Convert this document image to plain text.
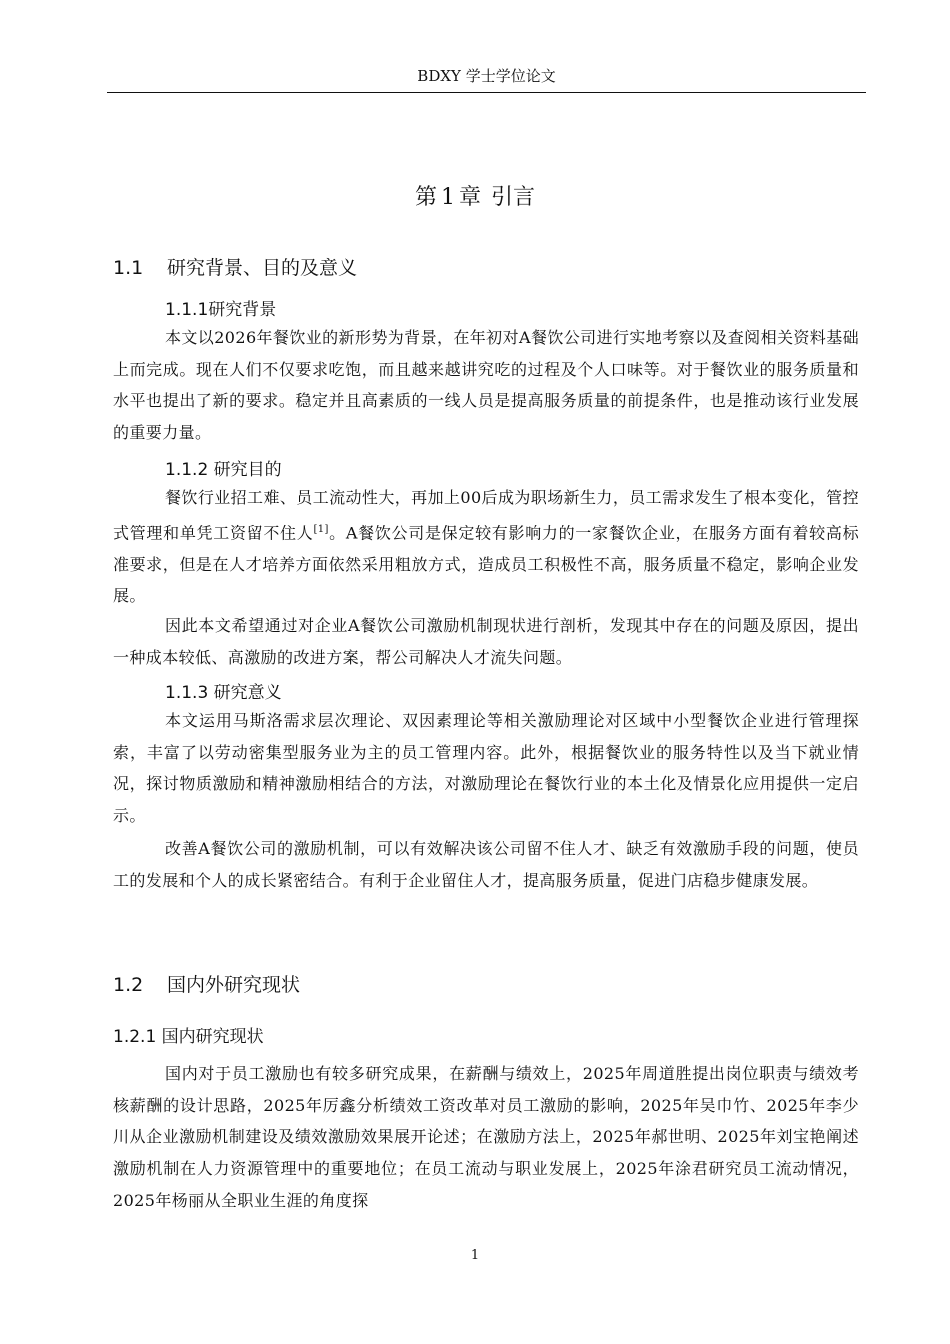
BDXY 学士学位论文
第 1 章 引言
1.1 研究背景、目的及意义
1.1.1研究背景

本文以2026年餐饮业的新形势为背景，在年初对A餐饮公司进行实地考察以及查阅相关资料基础上而完成。现在人们不仅要求吃饱，而且越来越讲究吃的过程及个人口味等。对于餐饮业的服务质量和水平也提出了新的要求。稳定并且高素质的一线人员是提高服务质量的前提条件，也是推动该行业发展的重要力量。

1.1.2 研究目的

餐饮行业招工难、员工流动性大，再加上00后成为职场新生力，员工需求发生了根本变化，管控式管理和单凭工资留不住人[1]。A餐饮公司是保定较有影响力的一家餐饮企业，在服务方面有着较高标准要求，但是在人才培养方面依然采用粗放方式，造成员工积极性不高，服务质量不稳定，影响企业发展。

因此本文希望通过对企业A餐饮公司激励机制现状进行剖析，发现其中存在的问题及原因，提出一种成本较低、高激励的改进方案，帮公司解决人才流失问题。

1.1.3 研究意义

本文运用马斯洛需求层次理论、双因素理论等相关激励理论对区域中小型餐饮企业进行管理探索，丰富了以劳动密集型服务业为主的员工管理内容。此外，根据餐饮业的服务特性以及当下就业情况，探讨物质激励和精神激励相结合的方法，对激励理论在餐饮行业的本土化及情景化应用提供一定启示。

改善A餐饮公司的激励机制，可以有效解决该公司留不住人才、缺乏有效激励手段的问题，使员工的发展和个人的成长紧密结合。有利于企业留住人才，提高服务质量，促进门店稳步健康发展。

1.2 国内外研究现状
1.2.1 国内研究现状

国内对于员工激励也有较多研究成果，在薪酬与绩效上，2025年周道胜提出岗位职责与绩效考核薪酬的设计思路，2025年厉鑫分析绩效工资改革对员工激励的影响，2025年吴巾竹、2025年李少川从企业激励机制建设及绩效激励效果展开论述；在激励方法上，2025年郝世明、2025年刘宝艳阐述激励机制在人力资源管理中的重要地位；在员工流动与职业发展上，2025年涂君研究员工流动情况，2025年杨丽从全职业生涯的角度探

1
